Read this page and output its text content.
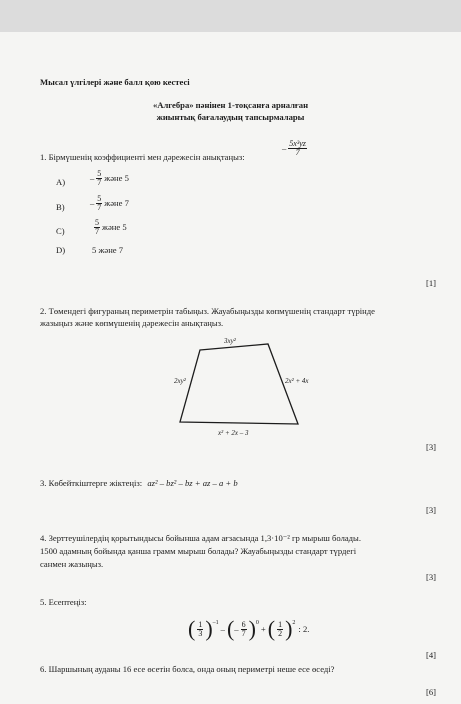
Мысал үлгілері және балл қою кестесі
«Алгебра» пәнінен 1-тоқсанға арналған
жиынтық бағалаудың тапсырмалары
1. Бірмүшенің коэффициенті мен дәрежесін анықтаңыз:
– $\frac{\text{5x³yz}}{7}$
A)	– $\frac{5}{7}$ және 5
B)	– $\frac{5}{7}$ және 7
C)	$\frac{5}{7}$ және 5
D)	5 және 7
[1]
2. Төмендегі фигураның периметрін табыңыз. Жауабыңызды көпмүшенің стандарт түрінде
жазыңыз және көпмүшенің дәрежесін анықтаңыз.
3xy²
2xy²	2x² + 4x
x² + 2x – 3
[3]
3. Көбейткіштерге жіктеңіз: az² – bz² – bz + az – a + b
[3]
4. Зерттеушілердің қорытындысы бойынша адам ағзасында 1,3·10⁻² гр мырыш болады.
1500 адамның бойында қанша грамм мырыш болады? Жауабыңызды стандарт түрдегі
санмен жазыңыз.
[3]
5. Есептеңіз:
( $\frac{1}{3} )^{-1}$
– ( – $\frac{6}{7} )^0$
+ ( $\frac{1}{2} )^2$
: 2.
[4]
6. Шаршының ауданы 16 есе өсетін болса, онда оның периметрі неше есе өседі?
[6]
